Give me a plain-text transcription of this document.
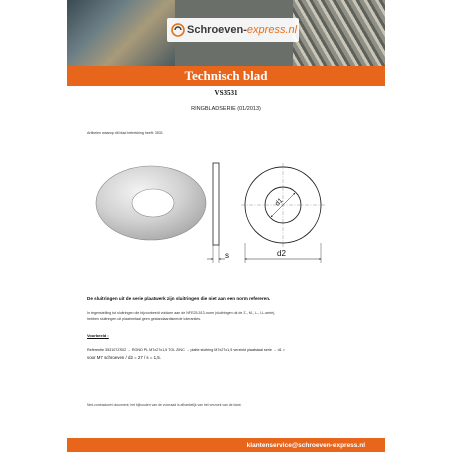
Schroeven-express.nl
Technisch blad
VS3531
RINGBLADSERIE (01/2013)
Artikelen waarop dit blad betrekking heeft: 3531
s
d1
d2
De sluitringen uit de serie plaatwerk zijn sluitringen die niet aan een norm refereren.
In tegenstelling tot sluitringen die bijvoorbeeld voldoen aan de NFE25-513-norm (sluitringen uit de Z-, M-, L-, LL-serie),
hebben sluitringen uit plaatmetaal geen gestandaardiseerde toleranties.
Voorbeeld :
Referentie 353107ZS02 → ROND PL M7x27x1,5 TOL ZINC → platte sluitring M7x27x1,5 verzinkt plaatstaal serie → d1 =
voor M7 schroeven / d2 = 27 / s = 1,5.
Niet-contractueel document; het bijhouden van de voorraad is afhankelijk van het verzoek van de klant.
klantenservice@schroeven-express.nl
